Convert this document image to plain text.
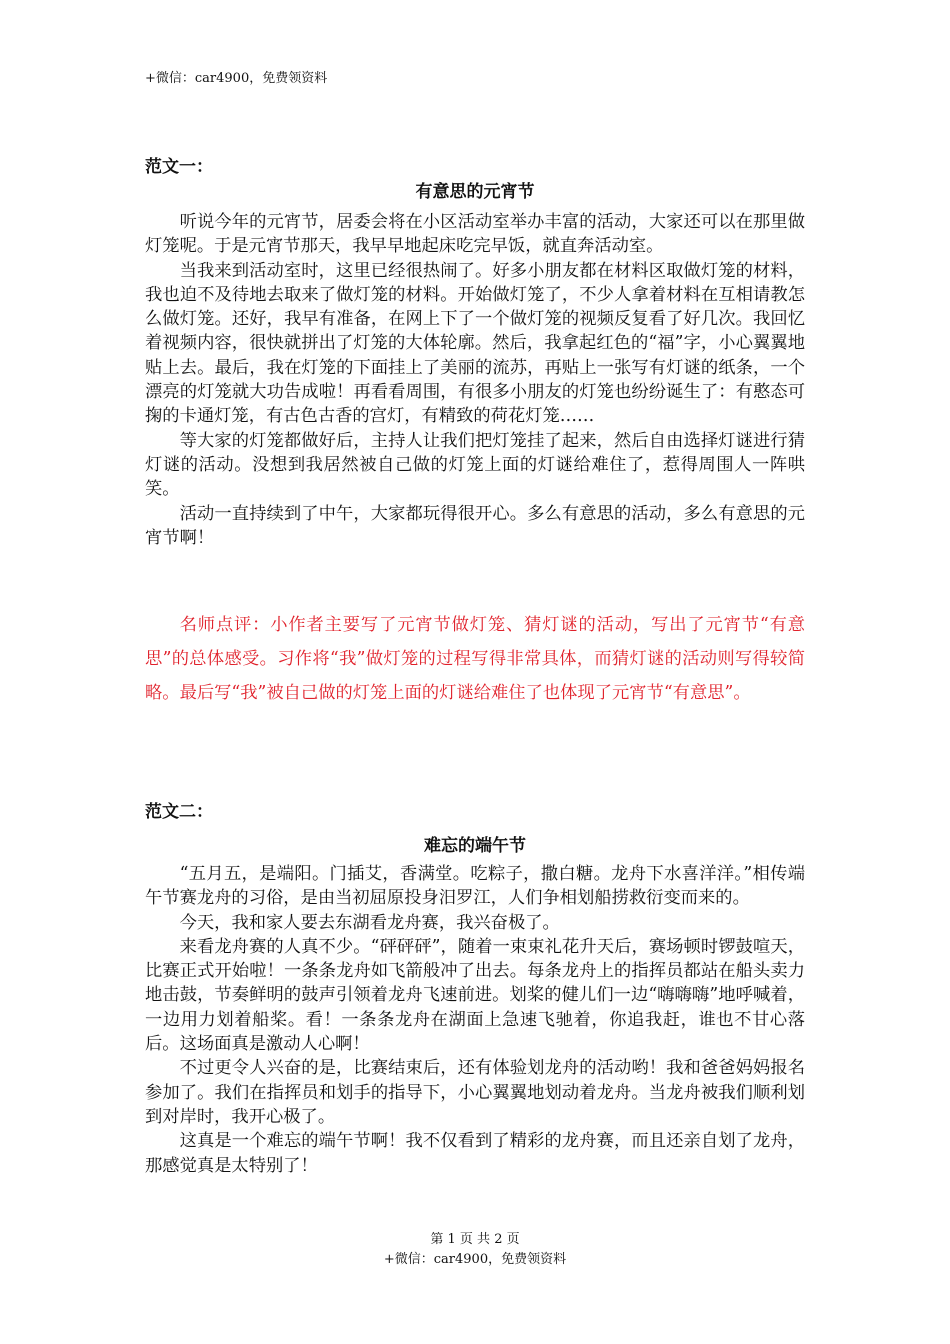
+微信：car4900，免费领资料
范文一：
有意思的元宵节

听说今年的元宵节，居委会将在小区活动室举办丰富的活动，大家还可以在那里做灯笼呢。于是元宵节那天，我早早地起床吃完早饭，就直奔活动室。

当我来到活动室时，这里已经很热闹了。好多小朋友都在材料区取做灯笼的材料，我也迫不及待地去取来了做灯笼的材料。开始做灯笼了，不少人拿着材料在互相请教怎么做灯笼。还好，我早有准备，在网上下了一个做灯笼的视频反复看了好几次。我回忆着视频内容，很快就拼出了灯笼的大体轮廓。然后，我拿起红色的“福”字，小心翼翼地贴上去。最后，我在灯笼的下面挂上了美丽的流苏，再贴上一张写有灯谜的纸条，一个漂亮的灯笼就大功告成啦！再看看周围，有很多小朋友的灯笼也纷纷诞生了：有憨态可掬的卡通灯笼，有古色古香的宫灯，有精致的荷花灯笼……

等大家的灯笼都做好后，主持人让我们把灯笼挂了起来，然后自由选择灯谜进行猜灯谜的活动。没想到我居然被自己做的灯笼上面的灯谜给难住了，惹得周围人一阵哄笑。

活动一直持续到了中午，大家都玩得很开心。多么有意思的活动，多么有意思的元宵节啊！

名师点评：小作者主要写了元宵节做灯笼、猜灯谜的活动，写出了元宵节“有意思”的总体感受。习作将“我”做灯笼的过程写得非常具体，而猜灯谜的活动则写得较简略。最后写“我”被自己做的灯笼上面的灯谜给难住了也体现了元宵节“有意思”。

范文二：
难忘的端午节

“五月五，是端阳。门插艾，香满堂。吃粽子，撒白糖。龙舟下水喜洋洋。”相传端午节赛龙舟的习俗，是由当初屈原投身汨罗江，人们争相划船捞救衍变而来的。

今天，我和家人要去东湖看龙舟赛，我兴奋极了。

来看龙舟赛的人真不少。“砰砰砰”，随着一束束礼花升天后，赛场顿时锣鼓喧天，比赛正式开始啦！一条条龙舟如飞箭般冲了出去。每条龙舟上的指挥员都站在船头卖力地击鼓，节奏鲜明的鼓声引领着龙舟飞速前进。划桨的健儿们一边“嗨嗨嗨”地呼喊着，一边用力划着船桨。看！一条条龙舟在湖面上急速飞驰着，你追我赶，谁也不甘心落后。这场面真是激动人心啊！

不过更令人兴奋的是，比赛结束后，还有体验划龙舟的活动哟！我和爸爸妈妈报名参加了。我们在指挥员和划手的指导下，小心翼翼地划动着龙舟。当龙舟被我们顺利划到对岸时，我开心极了。

这真是一个难忘的端午节啊！我不仅看到了精彩的龙舟赛，而且还亲自划了龙舟，那感觉真是太特别了！

第 1 页 共 2 页
+微信：car4900，免费领资料
